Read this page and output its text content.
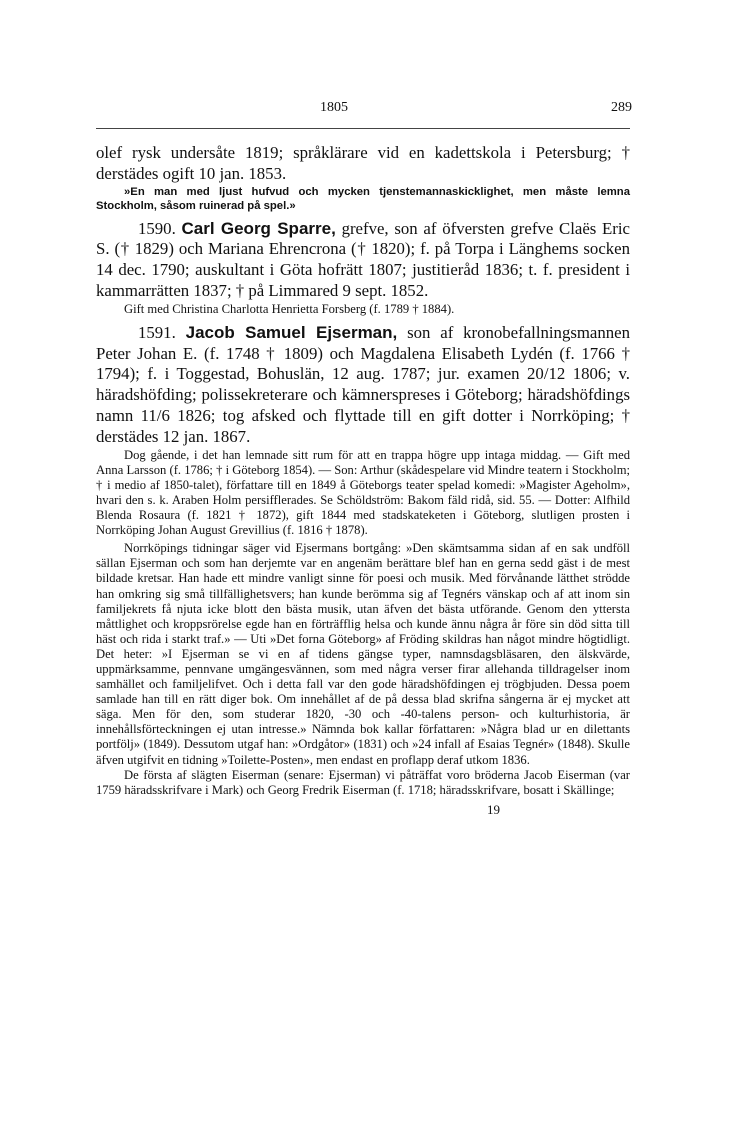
1805	289

olef rysk undersåte 1819; språklärare vid en kadettskola i Petersburg; † derstädes ogift 10 jan. 1853.

»En man med ljust hufvud och mycken tjenstemannaskicklighet, men måste lemna Stockholm, såsom ruinerad på spel.»

1590. Carl Georg Sparre, grefve, son af öfversten grefve Claës Eric S. († 1829) och Mariana Ehrencrona († 1820); f. på Torpa i Länghems socken 14 dec. 1790; auskultant i Göta hofrätt 1807; justitieråd 1836; t. f. president i kammarrätten 1837; † på Limmared 9 sept. 1852.

Gift med Christina Charlotta Henrietta Forsberg (f. 1789 † 1884).

1591. Jacob Samuel Ejserman, son af kronobefallningsmannen Peter Johan E. (f. 1748 † 1809) och Magdalena Elisabeth Lydén (f. 1766 † 1794); f. i Toggestad, Bohuslän, 12 aug. 1787; jur. examen 20/12 1806; v. häradshöfding; polissekreterare och kämnerspreses i Göteborg; häradshöfdings namn 11/6 1826; tog afsked och flyttade till en gift dotter i Norrköping; † derstädes 12 jan. 1867.

Dog gående, i det han lemnade sitt rum för att en trappa högre upp intaga middag. — Gift med Anna Larsson (f. 1786; † i Göteborg 1854). — Son: Arthur (skådespelare vid Mindre teatern i Stockholm; † i medio af 1850-talet), författare till en 1849 å Göteborgs teater spelad komedi: »Magister Ageholm», hvari den s. k. Araben Holm persifflerades. Se Schöldström: Bakom fäld ridå, sid. 55. — Dotter: Alfhild Blenda Rosaura (f. 1821 † 1872), gift 1844 med stadskateketen i Göteborg, slutligen prosten i Norrköping Johan August Grevillius (f. 1816 † 1878).

Norrköpings tidningar säger vid Ejsermans bortgång: »Den skämtsamma sidan af en sak undföll sällan Ejserman och som han derjemte var en angenäm berättare blef han en gerna sedd gäst i de mest bildade kretsar. Han hade ett mindre vanligt sinne för poesi och musik. Med förvånande lätthet strödde han omkring sig små tillfällighetsvers; han kunde berömma sig af Tegnérs vänskap och af att inom sin familjekrets få njuta icke blott den bästa musik, utan äfven det bästa utförande. Genom den yttersta måttlighet och kroppsrörelse egde han en förträfflig helsa och kunde ännu några år före sin död sitta till häst och rida i starkt traf.» — Uti »Det forna Göteborg» af Fröding skildras han något mindre högtidligt. Det heter: »I Ejserman se vi en af tidens gängse typer, namnsdagsbläsaren, den älskvärde, uppmärksamme, pennvane umgängesvännen, som med några verser firar allehanda tilldragelser inom samhället och familjelifvet. Och i detta fall var den gode häradshöfdingen ej trögbjuden. Dessa poem samlade han till en rätt diger bok. Om innehållet af de på dessa blad skrifna sångerna är ej mycket att säga. Men för den, som studerar 1820, -30 och -40-talens person- och kulturhistoria, är innehållsförteckningen ej utan intresse.» Nämnda bok kallar författaren: »Några blad ur en dilettants portfölj» (1849). Dessutom utgaf han: »Ordgåtor» (1831) och »24 infall af Esaias Tegnér» (1848). Skulle äfven utgifvit en tidning »Toilette-Posten», men endast en proflapp deraf utkom 1836.

De första af slägten Eiserman (senare: Ejserman) vi påträffat voro bröderna Jacob Eiserman (var 1759 häradsskrifvare i Mark) och Georg Fredrik Eiserman (f. 1718; häradsskrifvare, bosatt i Skällinge;

19
